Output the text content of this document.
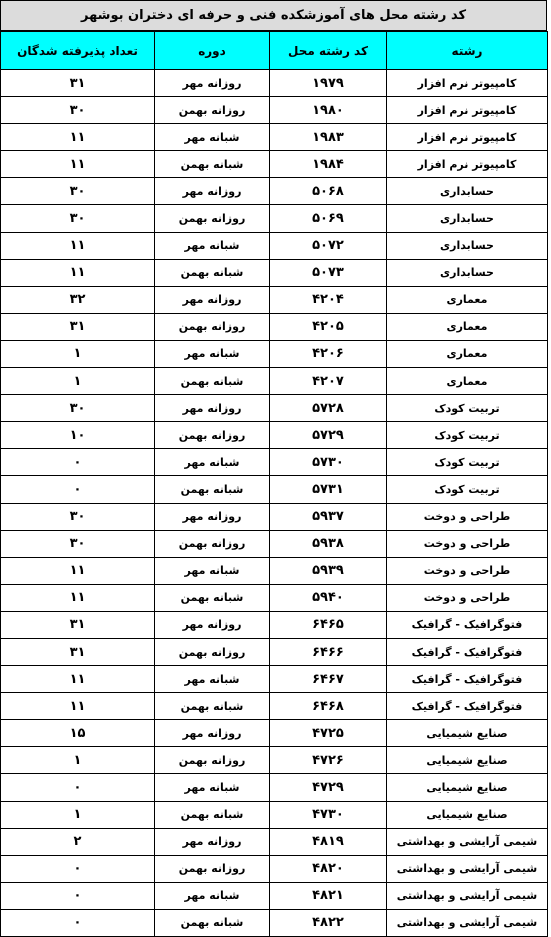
کد رشته محل های آموزشکده فنی و حرفه ای دختران بوشهر
رشته	کد رشته محل	دوره	تعداد پذیرفته شدگان
کامپیوتر نرم افزار	۱۹۷۹	روزانه مهر	۳۱
کامپیوتر نرم افزار	۱۹۸۰	روزانه بهمن	۳۰
کامپیوتر نرم افزار	۱۹۸۳	شبانه مهر	۱۱
کامپیوتر نرم افزار	۱۹۸۴	شبانه بهمن	۱۱
حسابداری	۵۰۶۸	روزانه مهر	۳۰
حسابداری	۵۰۶۹	روزانه بهمن	۳۰
حسابداری	۵۰۷۲	شبانه مهر	۱۱
حسابداری	۵۰۷۳	شبانه بهمن	۱۱
معماری	۴۲۰۴	روزانه مهر	۳۲
معماری	۴۲۰۵	روزانه بهمن	۳۱
معماری	۴۲۰۶	شبانه مهر	۱
معماری	۴۲۰۷	شبانه بهمن	۱
تربیت کودک	۵۷۲۸	روزانه مهر	۳۰
تربیت کودک	۵۷۲۹	روزانه بهمن	۱۰
تربیت کودک	۵۷۳۰	شبانه مهر	۰
تربیت کودک	۵۷۳۱	شبانه بهمن	۰
طراحی و دوخت	۵۹۳۷	روزانه مهر	۳۰
طراحی و دوخت	۵۹۳۸	روزانه بهمن	۳۰
طراحی و دوخت	۵۹۳۹	شبانه مهر	۱۱
طراحی و دوخت	۵۹۴۰	شبانه بهمن	۱۱
فتوگرافیک - گرافیک	۶۴۶۵	روزانه مهر	۳۱
فتوگرافیک - گرافیک	۶۴۶۶	روزانه بهمن	۳۱
فتوگرافیک - گرافیک	۶۴۶۷	شبانه مهر	۱۱
فتوگرافیک - گرافیک	۶۴۶۸	شبانه بهمن	۱۱
صنایع شیمیایی	۴۷۲۵	روزانه مهر	۱۵
صنایع شیمیایی	۴۷۲۶	روزانه بهمن	۱
صنایع شیمیایی	۴۷۲۹	شبانه مهر	۰
صنایع شیمیایی	۴۷۳۰	شبانه بهمن	۱
شیمی آرایشی و بهداشتی	۴۸۱۹	روزانه مهر	۲
شیمی آرایشی و بهداشتی	۴۸۲۰	روزانه بهمن	۰
شیمی آرایشی و بهداشتی	۴۸۲۱	شبانه مهر	۰
شیمی آرایشی و بهداشتی	۴۸۲۲	شبانه بهمن	۰
